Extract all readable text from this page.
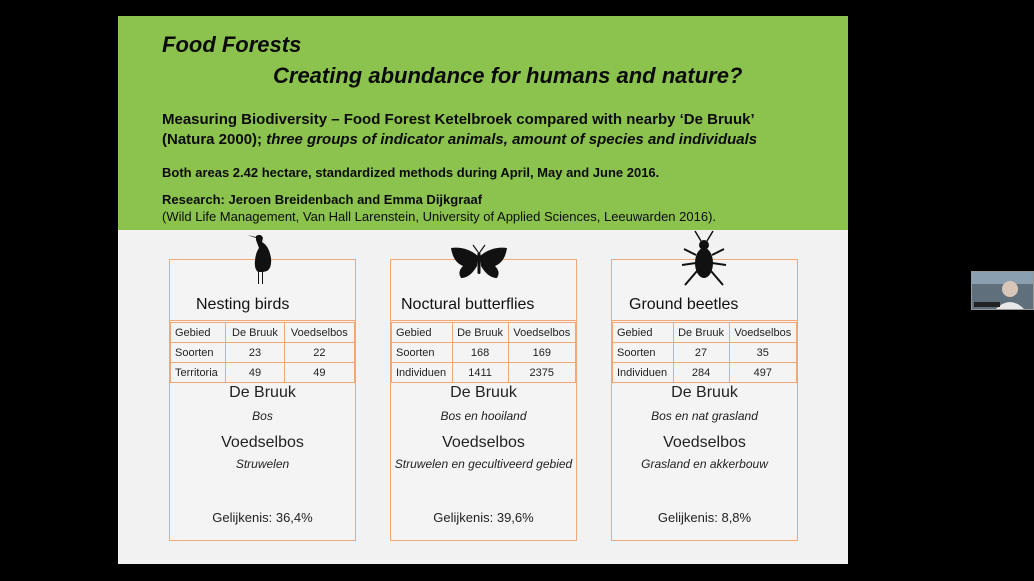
Food Forests
Creating abundance for humans and nature?
Measuring Biodiversity – Food Forest Ketelbroek compared with nearby ‘De Bruuk’
(Natura 2000); three groups of indicator animals, amount of species and individuals
Both areas 2.42 hectare, standardized methods during April, May and June 2016.
Research: Jeroen Breidenbach and Emma Dijkgraaf
(Wild Life Management, Van Hall Larenstein, University of Applied Sciences, Leeuwarden 2016).
Nesting birds
Gebied	De Bruuk	Voedselbos
Soorten	23	22
Territoria	49	49
De Bruuk
Bos
Voedselbos
Struwelen
Gelijkenis: 36,4%
Noctural butterflies
Gebied	De Bruuk	Voedselbos
Soorten	168	169
Individuen	1411	2375
De Bruuk
Bos en hooiland
Voedselbos
Struwelen en gecultiveerd gebied
Gelijkenis: 39,6%
Ground beetles
Gebied	De Bruuk	Voedselbos
Soorten	27	35
Individuen	284	497
De Bruuk
Bos en nat grasland
Voedselbos
Grasland en akkerbouw
Gelijkenis: 8,8%
